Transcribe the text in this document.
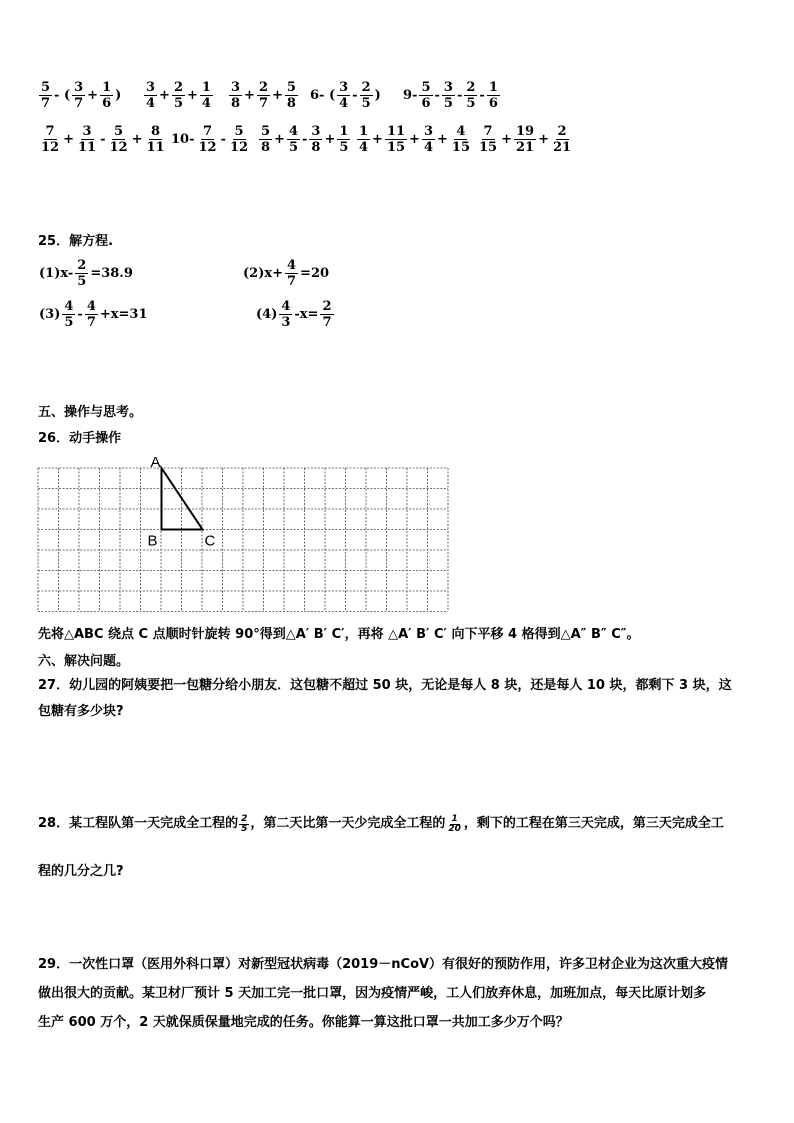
$\frac{5}{7}$ - ( $\frac{3}{7} + \frac{1}{6}$ ) $\frac{3}{4} + \frac{2}{5} + \frac{1}{4} \frac{3}{8} + \frac{2}{7} + \frac{5}{8} 6-$ ( $\frac{3}{4} - \frac{2}{5}$ ) $9- \frac{5}{6} - \frac{3}{5} - \frac{2}{5} - \frac{1}{6}$
$\frac{7}{12} + \frac{3}{11} - \frac{5}{12} + \frac{8}{11} 10- \frac{7}{12} - \frac{5}{12} \frac{5}{8} + \frac{4}{5} - \frac{3}{8} + \frac{1}{5} \frac{1}{4} + \frac{11}{15} + \frac{3}{4} + \frac{4}{15} \frac{7}{15} + \frac{19}{21} + \frac{2}{21}$
25．解方程.
$(1)x- \frac{2}{5} =38.9$	$(2)x+ \frac{4}{7} =20$
$(3) \frac{4}{5} - \frac{4}{7} +x=31$	$(4) \frac{4}{3} -x= \frac{2}{7}$
五、操作与思考。
26．动手操作
A
B	C
先将△ABC 绕点 C 点顺时针旋转 90°得到△A′ B′ C′，再将 △A′ B′ C′ 向下平移 4 格得到△A″ B″ C″。
六、解决问题。
27．幼儿园的阿姨要把一包糖分给小朋友．这包糖不超过 50 块，无论是每人 8 块，还是每人 10 块，都剩下 3 块，这
包糖有多少块?
28．某工程队第一天完成全工程的 $\frac{2}{5}$ ，第二天比第一天少完成全工程的 $\frac{1}{20}$ ，剩下的工程在第三天完成，第三天完成全工
程的几分之几?
29．一次性口罩（医用外科口罩）对新型冠状病毒（2019－nCoV）有很好的预防作用，许多卫材企业为这次重大疫情
做出很大的贡献。某卫材厂预计 5 天加工完一批口罩，因为疫情严峻，工人们放弃休息，加班加点，每天比原计划多
生产 600 万个，2 天就保质保量地完成的任务。你能算一算这批口罩一共加工多少万个吗？
